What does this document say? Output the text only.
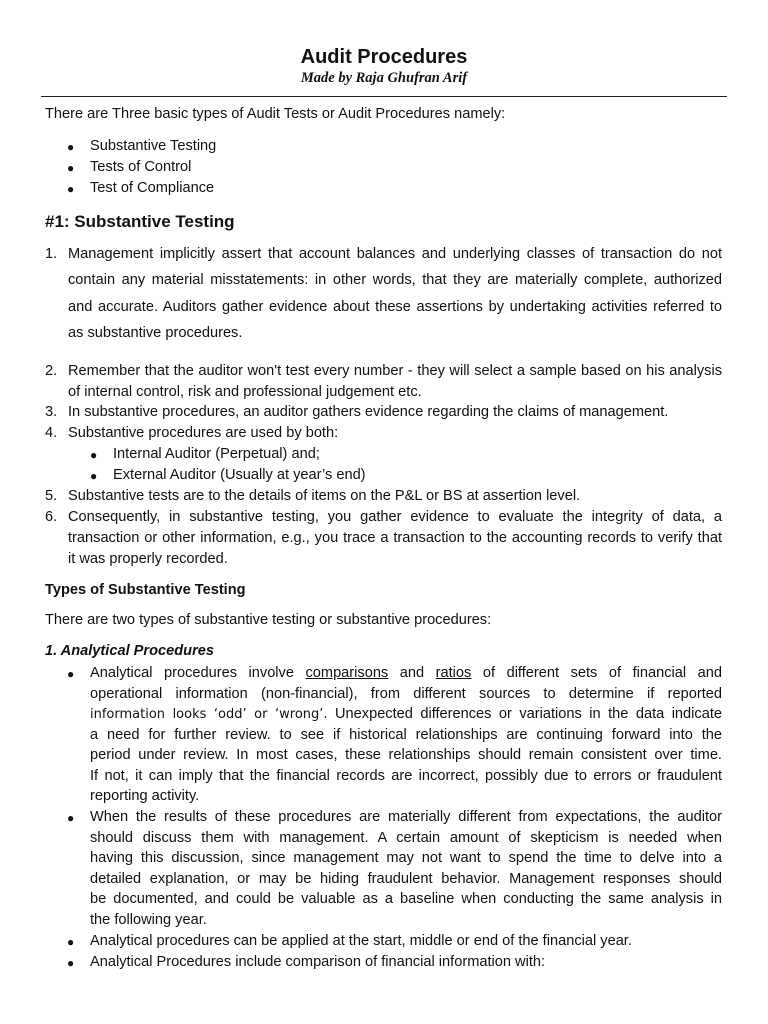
Audit Procedures
Made by Raja Ghufran Arif
There are Three basic types of Audit Tests or Audit Procedures namely:
● Substantive Testing
● Tests of Control
● Test of Compliance
#1: Substantive Testing
1. Management implicitly assert that account balances and underlying classes of transaction do not
contain any material misstatements: in other words, that they are materially complete, authorized
and accurate. Auditors gather evidence about these assertions by undertaking activities referred to
as substantive procedures.
2. Remember that the auditor won't test every number - they will select a sample based on his analysis
of internal control, risk and professional judgement etc.
3. In substantive procedures, an auditor gathers evidence regarding the claims of management.
4. Substantive procedures are used by both:
● Internal Auditor (Perpetual) and;
● External Auditor (Usually at year’s end)
5. Substantive tests are to the details of items on the P&L or BS at assertion level.
6. Consequently, in substantive testing, you gather evidence to evaluate the integrity of data, a
transaction or other information, e.g., you trace a transaction to the accounting records to verify that
it was properly recorded.
Types of Substantive Testing
There are two types of substantive testing or substantive procedures:
1. Analytical Procedures
● Analytical procedures involve comparisons and ratios of different sets of financial and
operational information (non-financial), from different sources to determine if reported
information looks ‘odd’ or ‘wrong’. Unexpected differences or variations in the data indicate
a need for further review. to see if historical relationships are continuing forward into the
period under review. In most cases, these relationships should remain consistent over time.
If not, it can imply that the financial records are incorrect, possibly due to errors or fraudulent
reporting activity.
● When the results of these procedures are materially different from expectations, the auditor
should discuss them with management. A certain amount of skepticism is needed when
having this discussion, since management may not want to spend the time to delve into a
detailed explanation, or may be hiding fraudulent behavior. Management responses should
be documented, and could be valuable as a baseline when conducting the same analysis in
the following year.
● Analytical procedures can be applied at the start, middle or end of the financial year.
● Analytical Procedures include comparison of financial information with:
